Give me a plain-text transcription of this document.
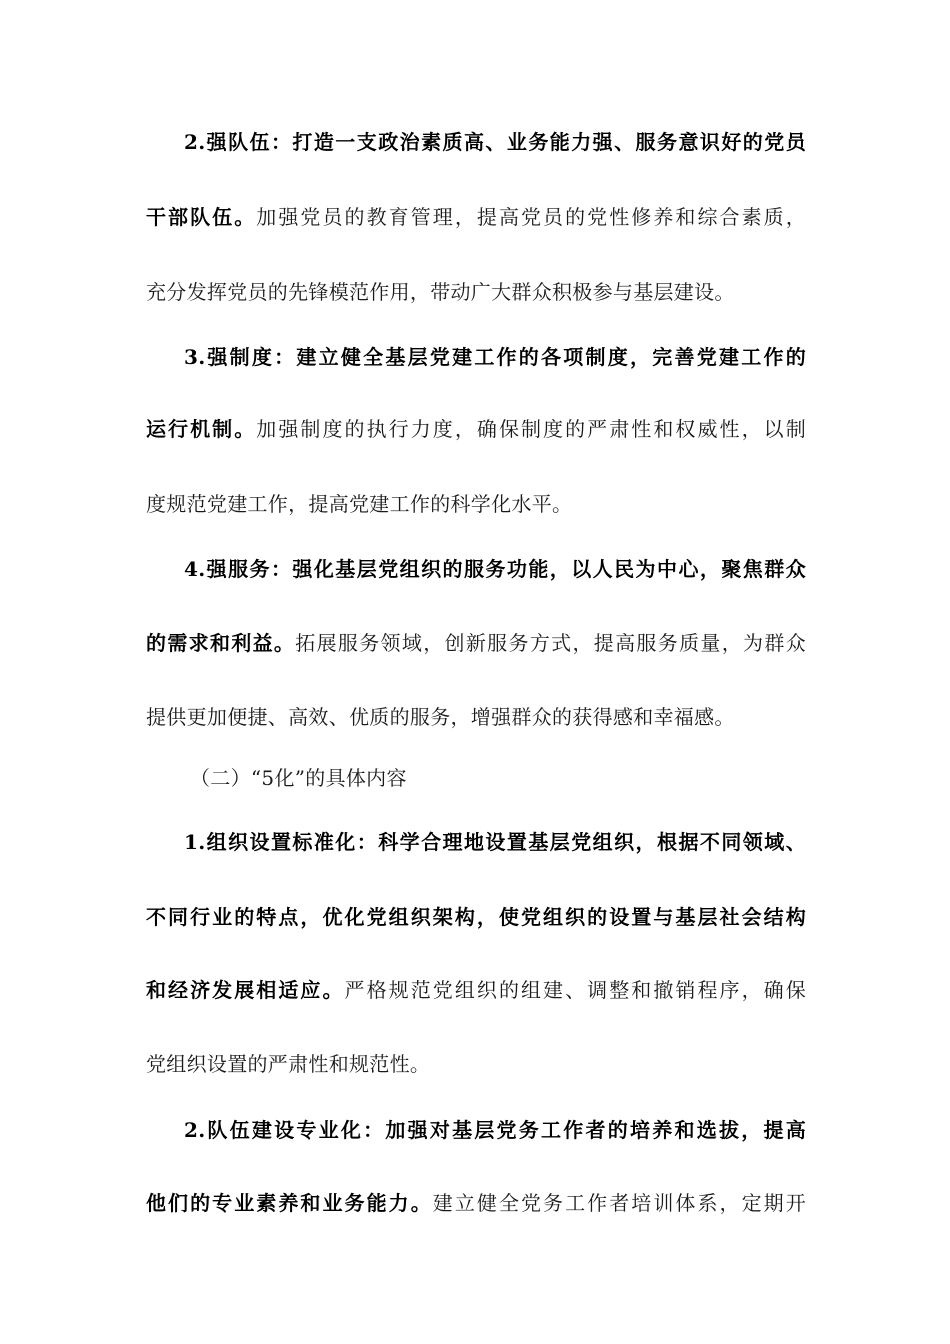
2.强队伍：打造一支政治素质高、业务能力强、服务意识好的党员
干部队伍。加强党员的教育管理，提高党员的党性修养和综合素质，
充分发挥党员的先锋模范作用，带动广大群众积极参与基层建设。
3.强制度：建立健全基层党建工作的各项制度，完善党建工作的
运行机制。加强制度的执行力度，确保制度的严肃性和权威性，以制
度规范党建工作，提高党建工作的科学化水平。
4.强服务：强化基层党组织的服务功能，以人民为中心，聚焦群众
的需求和利益。拓展服务领域，创新服务方式，提高服务质量，为群众
提供更加便捷、高效、优质的服务，增强群众的获得感和幸福感。
（二）“5化”的具体内容
1.组织设置标准化：科学合理地设置基层党组织，根据不同领域、
不同行业的特点，优化党组织架构，使党组织的设置与基层社会结构
和经济发展相适应。严格规范党组织的组建、调整和撤销程序，确保
党组织设置的严肃性和规范性。
2.队伍建设专业化：加强对基层党务工作者的培养和选拔，提高
他们的专业素养和业务能力。建立健全党务工作者培训体系，定期开
